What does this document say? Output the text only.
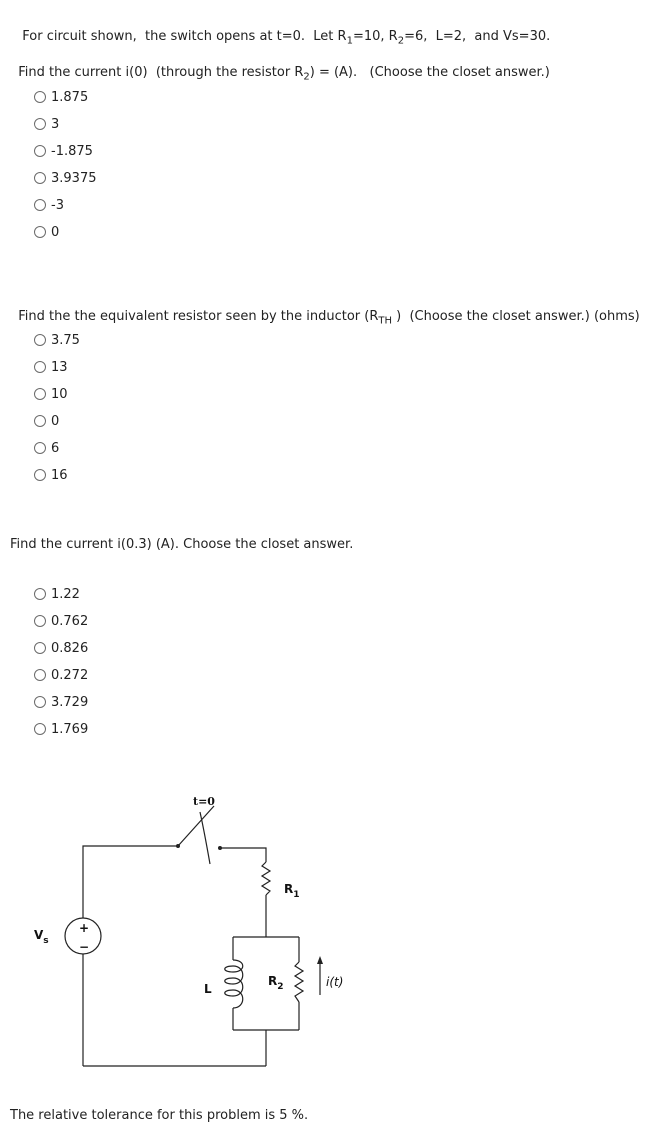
For circuit shown,  the switch opens at t=0.  Let $R_1=10$, $R_2=6$,  L=2,  and Vs=30.

Find the current i(0)  (through the resistor $R_2) = (A)$.   (Choose the closet answer.)

1.875
3
-1.875
3.9375
-3
0

Find the the equivalent resistor seen by the inductor ($R_{TH}$ )  (Choose the closet answer.) (ohms)

3.75
13
10
0
6
16
Find the current i(0.3) (A). Choose the closet answer.
1.22
0.762
0.826
0.272
3.729
1.769
t=0
$R_1$
$R_2$
$V_s$
L	i(t)
+
−
The relative tolerance for this problem is 5 %.
